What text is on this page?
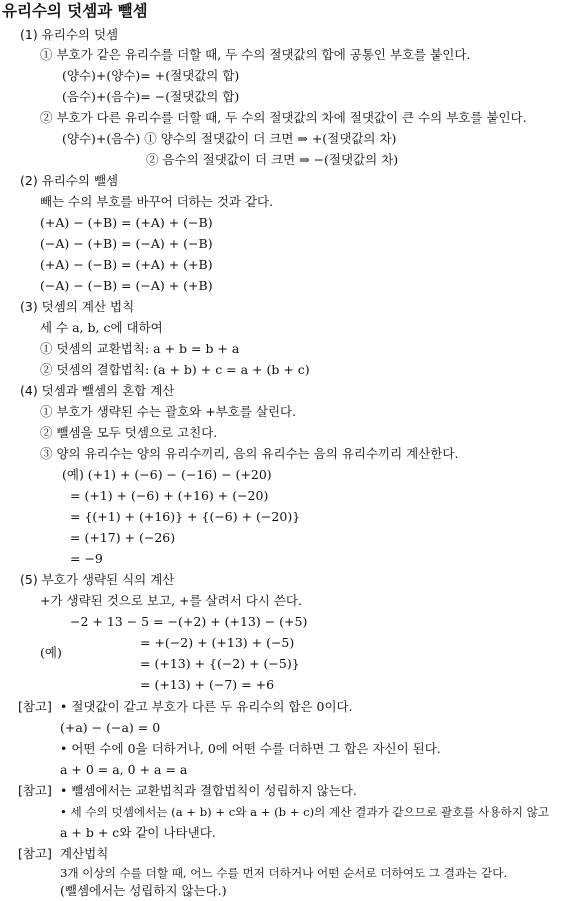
유리수의 덧셈과 뺄셈
(1) 유리수의 덧셈
① 부호가 같은 유리수를 더할 때, 두 수의 절댓값의 합에 공통인 부호를 붙인다.
(양수)+(양수)= +(절댓값의 합)
(음수)+(음수)= −(절댓값의 합)
② 부호가 다른 유리수를 더할 때, 두 수의 절댓값의 차에 절댓값이 큰 수의 부호를 붙인다.
(양수)+(음수) ① 양수의 절댓값이 더 크면 ⇒ +(절댓값의 차)
② 음수의 절댓값이 더 크면 ⇒ −(절댓값의 차)
(2) 유리수의 뺄셈
빼는 수의 부호를 바꾸어 더하는 것과 같다.
(+A) − (+B) = (+A) + (−B)
(−A) − (+B) = (−A) + (−B)
(+A) − (−B) = (+A) + (+B)
(−A) − (−B) = (−A) + (+B)
(3) 덧셈의 계산 법칙
세 수 a, b, c에 대하여
① 덧셈의 교환법칙: a + b = b + a
② 덧셈의 결합법칙: (a + b) + c = a + (b + c)
(4) 덧셈과 뺄셈의 혼합 계산
① 부호가 생략된 수는 괄호와 +부호를 살린다.
② 뺄셈을 모두 덧셈으로 고친다.
③ 양의 유리수는 양의 유리수끼리, 음의 유리수는 음의 유리수끼리 계산한다.
(예) (+1) + (−6) − (−16) − (+20)
= (+1) + (−6) + (+16) + (−20)
= {(+1) + (+16)} + {(−6) + (−20)}
= (+17) + (−26)
= −9
(5) 부호가 생략된 식의 계산
+가 생략된 것으로 보고, +를 살려서 다시 쓴다.
−2 + 13 − 5 = −(+2) + (+13) − (+5)
(예)
= +(−2) + (+13) + (−5)
= (+13) + {(−2) + (−5)}
= (+13) + (−7) = +6
[참고] • 절댓값이 같고 부호가 다른 두 유리수의 합은 0이다.
(+a) − (−a) = 0
• 어떤 수에 0을 더하거나, 0에 어떤 수를 더하면 그 합은 자신이 된다.
a + 0 = a, 0 + a = a
[참고] • 뺄셈에서는 교환법칙과 결합법칙이 성립하지 않는다.
• 세 수의 덧셈에서는 (a + b) + c와 a + (b + c)의 계산 결과가 같으므로 괄호를 사용하지 않고
a + b + c와 같이 나타낸다.
[참고] 계산법칙
3개 이상의 수를 더할 때, 어느 수를 먼저 더하거나 어떤 순서로 더하여도 그 결과는 같다.
(뺄셈에서는 성립하지 않는다.)
